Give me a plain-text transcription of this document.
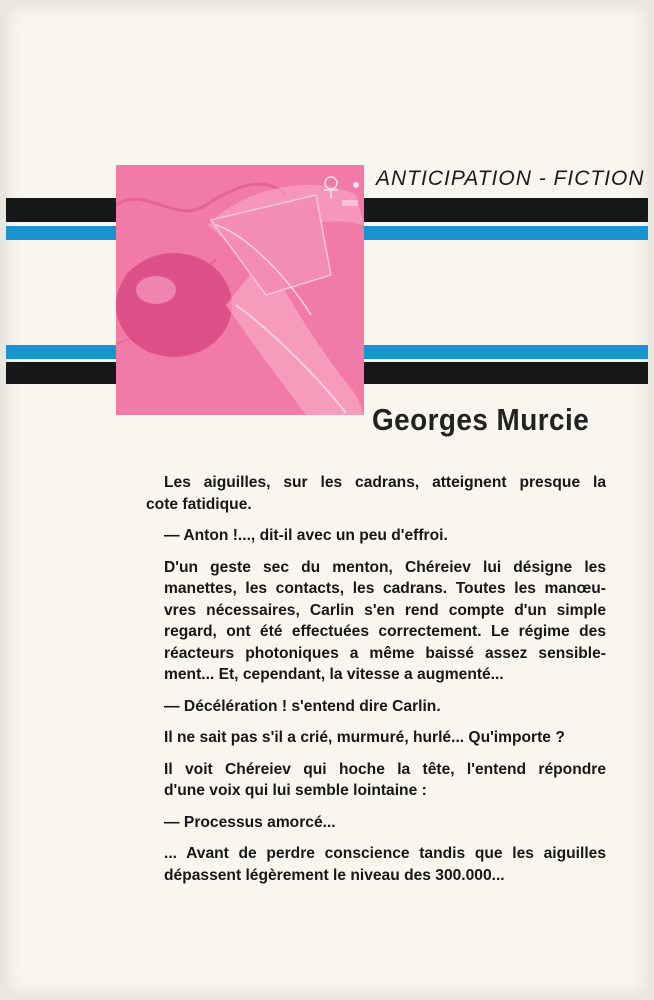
ANTICIPATION - FICTION
Georges Murcie

Les aiguilles, sur les cadrans, atteignent presque la
cote fatidique.

— Anton !..., dit-il avec un peu d'effroi.

D'un geste sec du menton, Chéreiev lui désigne les
manettes, les contacts, les cadrans. Toutes les manœu-
vres nécessaires, Carlin s'en rend compte d'un simple
regard, ont été effectuées correctement. Le régime des
réacteurs photoniques a même baissé assez sensible-
ment... Et, cependant, la vitesse a augmenté...

— Décélération ! s'entend dire Carlin.

Il ne sait pas s'il a crié, murmuré, hurlé... Qu'importe ?

Il voit Chéreiev qui hoche la tête, l'entend répondre
d'une voix qui lui semble lointaine :

— Processus amorcé...

... Avant de perdre conscience tandis que les aiguilles
dépassent légèrement le niveau des 300.000...
